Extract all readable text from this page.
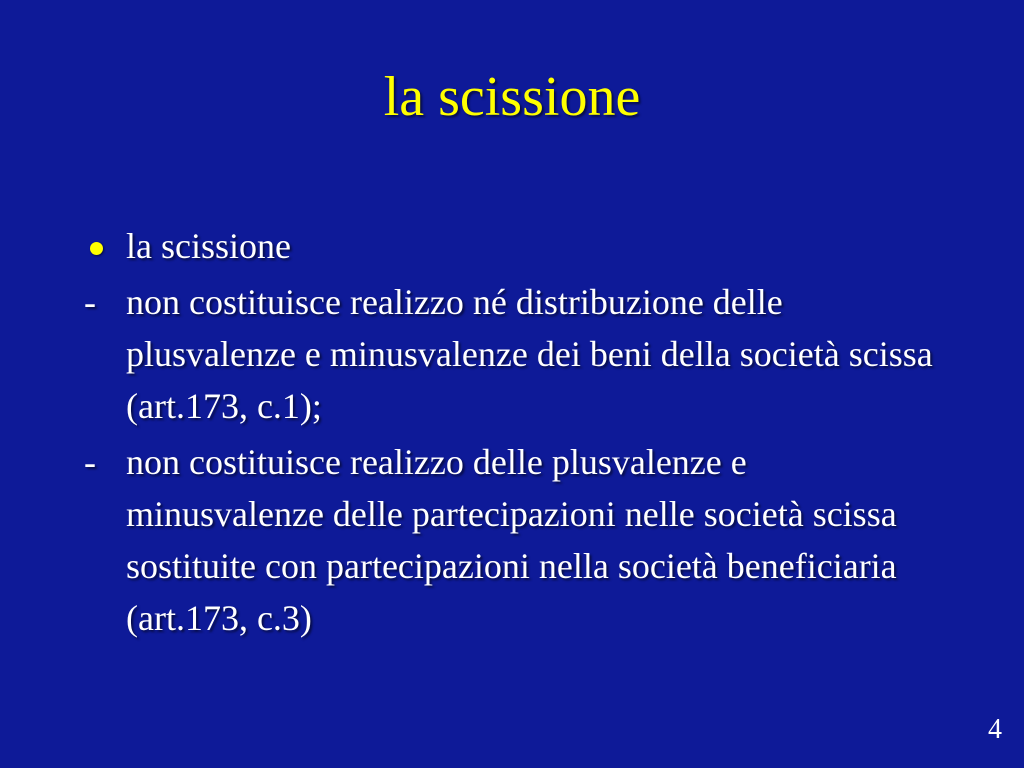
la scissione
la scissione
- non costituisce realizzo né distribuzione delle plusvalenze e minusvalenze dei beni della società scissa (art.173, c.1);
- non costituisce realizzo delle plusvalenze e minusvalenze delle partecipazioni nelle società scissa sostituite con partecipazioni nella società beneficiaria (art.173, c.3)
4
